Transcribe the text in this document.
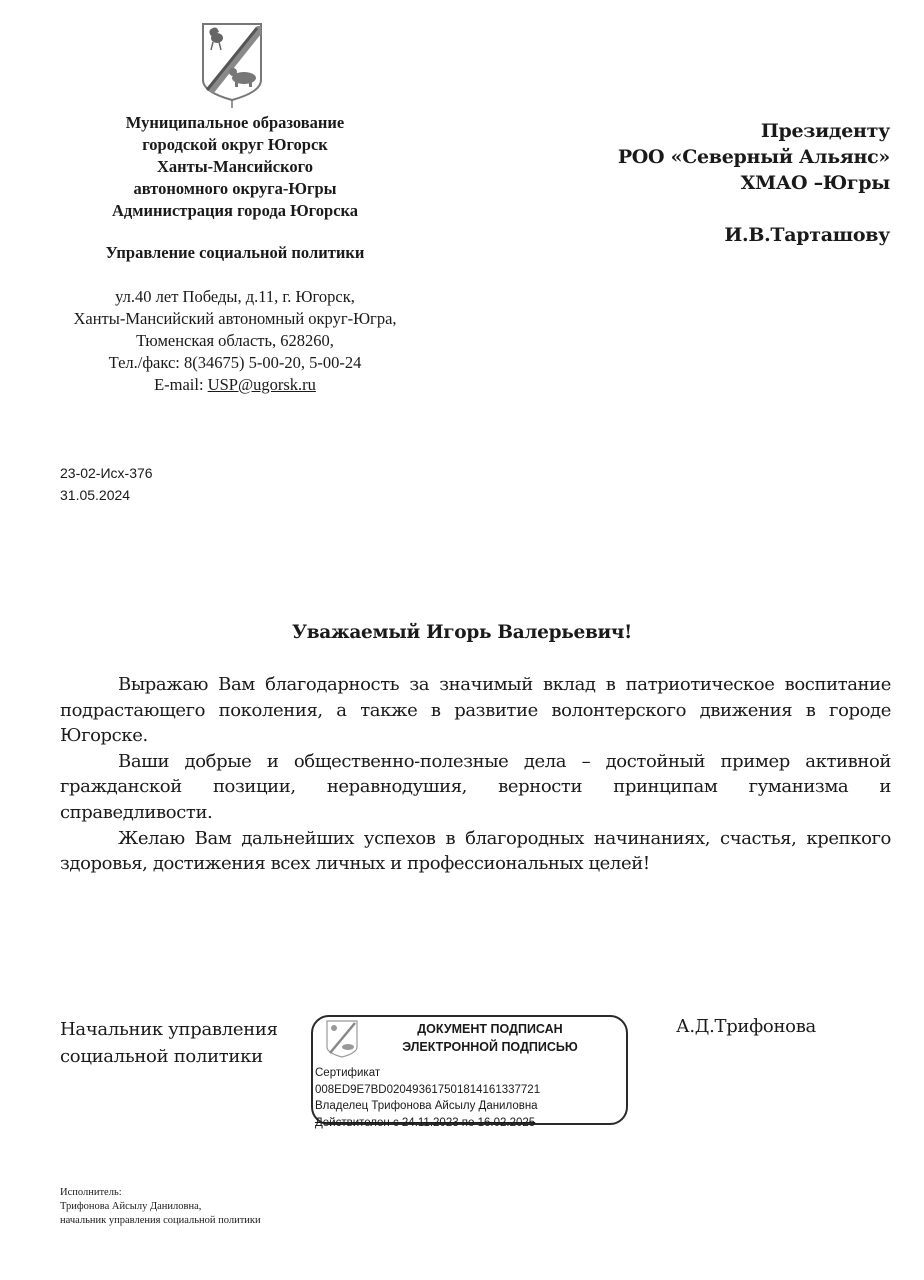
Муниципальное образование
городской округ Югорск
Ханты-Мансийского
автономного округа-Югры
Администрация города Югорска
Управление социальной политики
ул.40 лет Победы, д.11, г. Югорск,
Ханты-Мансийский автономный округ-Югра,
Тюменская область, 628260,
Тел./факс: 8(34675) 5-00-20, 5-00-24
E-mail: USP@ugorsk.ru
Президенту
РОО «Северный Альянс»
ХМАО –Югры
И.В.Тарташову
23-02-Исх-376
31.05.2024
Уважаемый Игорь Валерьевич!

Выражаю Вам благодарность за значимый вклад в патриотическое воспитание подрастающего поколения, а также в развитие волонтерского движения в городе Югорске.

Ваши добрые и общественно-полезные дела – достойный пример активной гражданской позиции, неравнодушия, верности принципам гуманизма и справедливости.

Желаю Вам дальнейших успехов в благородных начинаниях, счастья, крепкого здоровья, достижения всех личных и профессиональных целей!

Начальник управления
социальной политики
ДОКУМЕНТ ПОДПИСАН
ЭЛЕКТРОННОЙ ПОДПИСЬЮ
Сертификат
008ED9E7BD0204936175018141613377​21
Владелец Трифонова Айсылу Даниловна
Действителен с 24.11.2023 по 16.02.2025
А.Д.Трифонова
Исполнитель:
Трифонова Айсылу Даниловна,
начальник управления социальной политики
